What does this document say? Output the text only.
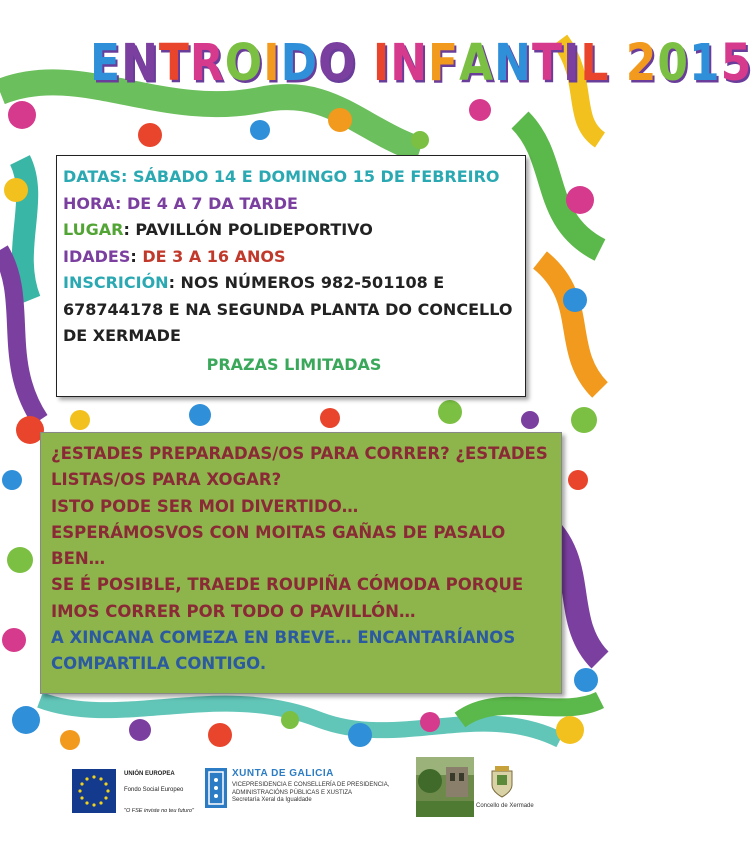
ENTROIDO INFANTIL 2015
DATAS: SÁBADO 14 E DOMINGO 15 DE FEBREIRO
HORA: DE 4 A 7 DA TARDE
LUGAR: PAVILLÓN POLIDEPORTIVO
IDADES: DE 3 A 16 ANOS
INSCRICIÓN: NOS NÚMEROS 982-501108 E
678744178 E NA SEGUNDA PLANTA DO CONCELLO
DE XERMADE
PRAZAS LIMITADAS
¿ESTADES PREPARADAS/OS PARA CORRER? ¿ESTADES
LISTAS/OS PARA XOGAR?
ISTO PODE SER MOI DIVERTIDO…
ESPERÁMOSVOS CON MOITAS GAÑAS DE PASALO
BEN…
SE É POSIBLE, TRAEDE ROUPIÑA CÓMODA PORQUE
IMOS CORRER POR TODO O PAVILLÓN…
A XINCANA COMEZA EN BREVE… ENCANTARÍANOS
COMPARTILA CONTIGO.
UNIÓN EUROPEA

Fondo Social Europeo
"O FSE inviste no teu futuro"
XUNTA DE GALICIA
VICEPRESIDENCIA E CONSELLERÍA DE PRESIDENCIA,
ADMINISTRACIÓNS PÚBLICAS E XUSTIZA
Secretaría Xeral da Igualdade
Concello de Xermade
